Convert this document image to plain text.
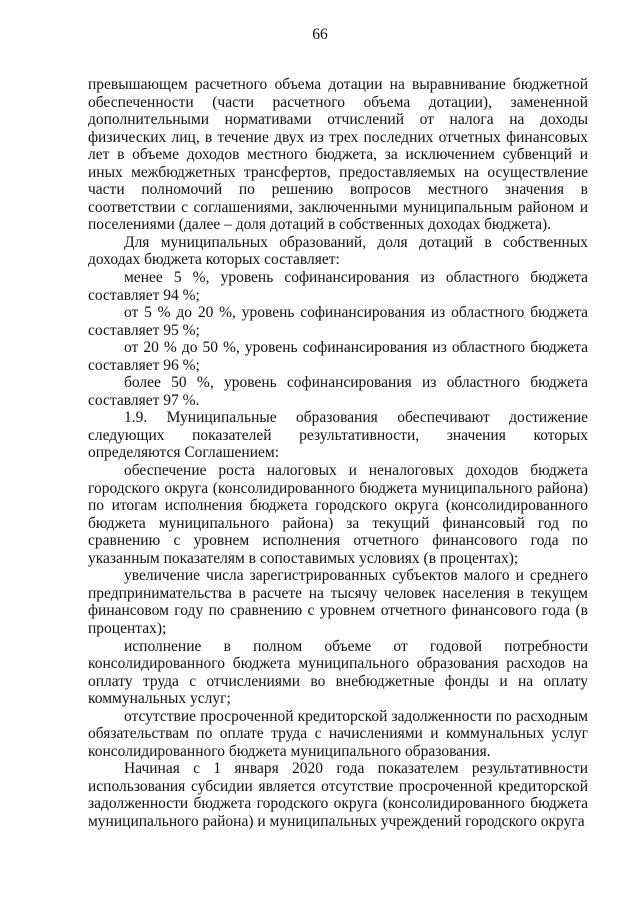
66

превышающем расчетного объема дотации на выравнивание бюджетной обеспеченности (части расчетного объема дотации), замененной дополнительными нормативами отчислений от налога на доходы физических лиц, в течение двух из трех последних отчетных финансовых лет в объеме доходов местного бюджета, за исключением субвенций и иных межбюджетных трансфертов, предоставляемых на осуществление части полномочий по решению вопросов местного значения в соответствии с соглашениями, заключенными муниципальным районом и поселениями (далее – доля дотаций в собственных доходах бюджета).

Для муниципальных образований, доля дотаций в собственных доходах бюджета которых составляет:

менее 5 %, уровень софинансирования из областного бюджета составляет 94 %;

от 5 % до 20 %, уровень софинансирования из областного бюджета составляет 95 %;

от 20 % до 50 %, уровень софинансирования из областного бюджета составляет 96 %;

более 50 %, уровень софинансирования из областного бюджета составляет 97 %.

1.9. Муниципальные образования обеспечивают достижение следующих показателей результативности, значения которых определяются Соглашением:

обеспечение роста налоговых и неналоговых доходов бюджета городского округа (консолидированного бюджета муниципального района) по итогам исполнения бюджета городского округа (консолидированного бюджета муниципального района) за текущий финансовый год по сравнению с уровнем исполнения отчетного финансового года по указанным показателям в сопоставимых условиях (в процентах);

увеличение числа зарегистрированных субъектов малого и среднего предпринимательства в расчете на тысячу человек населения в текущем финансовом году по сравнению с уровнем отчетного финансового года (в процентах);

исполнение в полном объеме от годовой потребности консолидированного бюджета муниципального образования расходов на оплату труда с отчислениями во внебюджетные фонды и на оплату коммунальных услуг;

отсутствие просроченной кредиторской задолженности по расходным обязательствам по оплате труда с начислениями и коммунальных услуг консолидированного бюджета муниципального образования.

Начиная с 1 января 2020 года показателем результативности использования субсидии является отсутствие просроченной кредиторской задолженности бюджета городского округа (консолидированного бюджета муниципального района) и муниципальных учреждений городского округа
